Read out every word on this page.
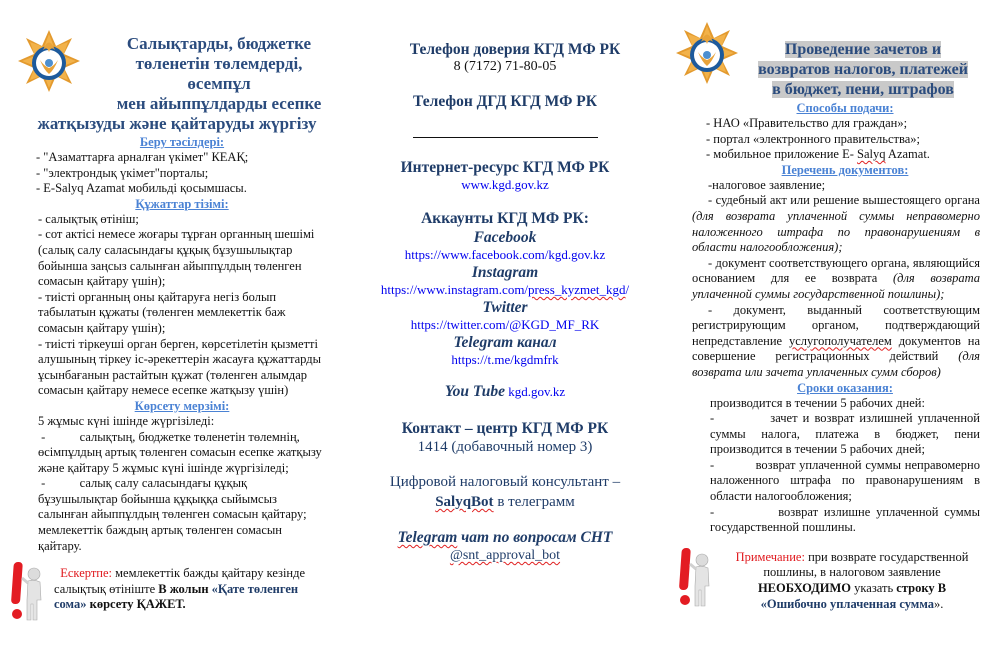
Салықтарды, бюджетке
төленетін төлемдерді, өсемпұл
мен айыппұлдарды есепке
жатқызуды және қайтаруды жүргізу
Беру тәсілдері:
- "Азаматтарға арналған үкімет" КЕАҚ;
- "электрондық үкімет"порталы;
- E-Salyq Azamat мобильді қосымшасы.
Құжаттар тізімі:
- салықтық өтініш;
- сот актісі немесе жоғары тұрған органның шешімі (салық салу саласындағы құқық бұзушылықтар бойынша заңсыз салынған айыппұлдың төленген сомасын қайтару үшін);
- тиісті органның оны қайтаруға негіз болып табылатын құжаты (төленген мемлекеттік баж сомасын қайтару үшін);
- тиісті тіркеуші орган берген, көрсетілетін қызметті алушының тіркеу іс-әрекеттерін жасауға құжаттарды ұсынбағанын растайтын құжат (төленген алымдар сомасын қайтару немесе есепке жатқызу үшін)
Көрсету мерзімі:
5 жұмыс күні ішінде жүргізіледі:
-           салықтың, бюджетке төленетін төлемнің, өсімпұлдың артық төленген сомасын есепке жатқызу және қайтару 5 жұмыс күні ішінде жүргізіледі;
-           салық салу саласындағы құқық бұзушылықтар бойынша құқыққа сыйымсыз салынған айыппұлдың төленген сомасын қайтару; мемлекеттік баждың артық төленген сомасын қайтару.
Ескертпе: мемлекеттік бажды қайтару кезінде салықтық өтініште В жолын «Қате төленген сома» көрсету ҚАЖЕТ.
Телефон доверия КГД МФ РК
8 (7172) 71-80-05
Телефон ДГД КГД МФ РК
Интернет-ресурс КГД МФ РК
www.kgd.gov.kz
Аккаунты КГД МФ РК:
Facebook
https://www.facebook.com/kgd.gov.kz
Instagram
https://www.instagram.com/press_kyzmet_kgd/
Twitter
https://twitter.com/@KGD_MF_RK
Telegram канал
https://t.me/kgdmfrk
You Tube kgd.gov.kz
Контакт – центр КГД МФ РК
1414 (добавочный номер 3)
Цифровой налоговый консультант –
SalyqBot в телеграмм
Telegram чат по вопросам СНТ
@snt_approval_bot
Проведение зачетов и
возвратов налогов, платежей
в бюджет, пени, штрафов
Способы подачи:
- НАО «Правительство для граждан»;
- портал «электронного правительства»;
- мобильное приложение E- Salyq Azamat.
Перечень документов:
-налоговое заявление;
- судебный акт или решение вышестоящего органа (для возврата уплаченной суммы неправомерно наложенного штрафа по правонарушениям в области налогообложения);
- документ соответствующего органа, являющийся основанием для ее возврата (для возврата уплаченной суммы государственной пошлины);
- документ, выданный соответствующим регистрирующим органом, подтверждающий непредставление услугополучателем документов на совершение регистрационных действий (для возврата или зачета уплаченных сумм сборов)
Сроки оказания:
производится в течении 5 рабочих дней:
-           зачет и возврат излишней уплаченной суммы налога, платежа в бюджет, пени производится в течении 5 рабочих дней;
-           возврат уплаченной суммы неправомерно наложенного штрафа по правонарушениям в области налогообложения;
-           возврат излишне уплаченной суммы государственной пошлины.
Примечание: при возврате государственной пошлины, в налоговом заявление НЕОБХОДИМО указать строку В
«Ошибочно уплаченная сумма».
